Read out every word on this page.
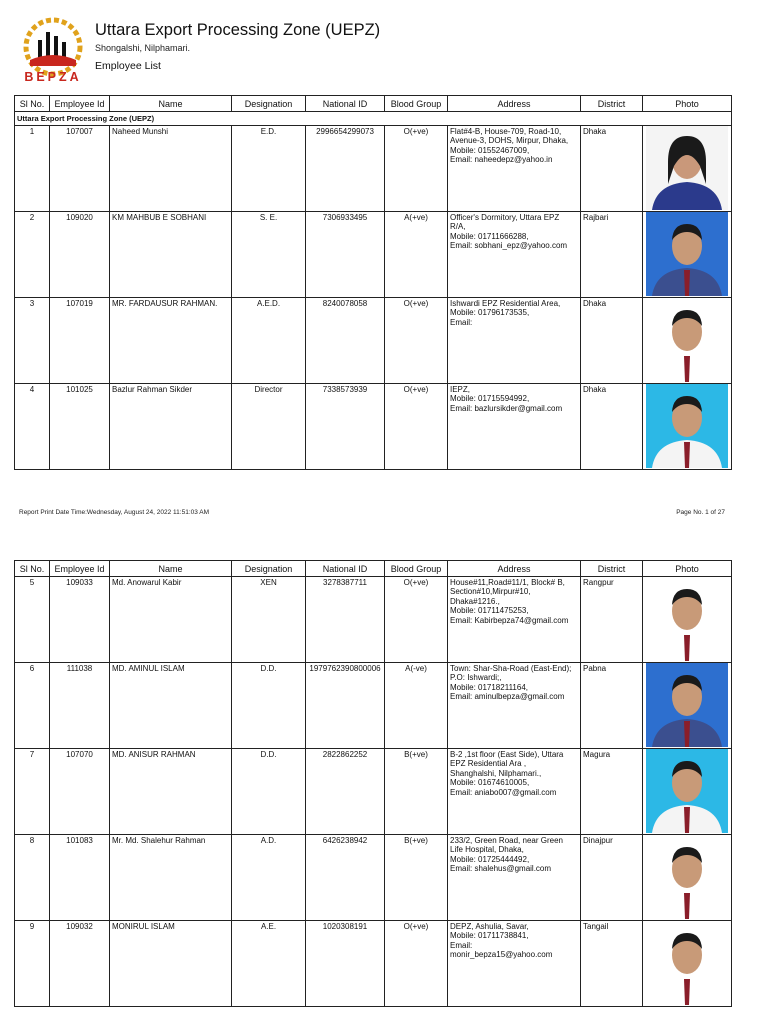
BEPZA
Uttara Export Processing Zone (UEPZ)
Shongalshi, Nilphamari.
Employee List
Sl No.	Employee Id	Name	Designation	National ID	Blood Group	Address	District	Photo
Uttara Export Processing Zone (UEPZ)								
1	107007	Naheed Munshi	E.D.	2996654299073	O(+ve)	Flat#4-B, House-709, Road-10,
Avenue-3, DOHS, Mirpur, Dhaka,
Mobile: 01552467009,
Email: naheedepz@yahoo.in	Dhaka	

2	109020	KM MAHBUB E SOBHANI	S. E.	7306933495	A(+ve)	Officer's Dormitory, Uttara EPZ
R/A,
Mobile: 01711666288,
Email: sobhani_epz@yahoo.com	Rajbari	

3	107019	MR. FARDAUSUR RAHMAN.	A.E.D.	8240078058	O(+ve)	Ishwardi EPZ Residential Area,
Mobile: 01796173535,
Email:	Dhaka	

4	101025	Bazlur Rahman Sikder	Director	7338573939	O(+ve)	IEPZ,
Mobile: 01715594992,
Email: bazlursikder@gmail.com	Dhaka	
Report Print Date Time:Wednesday, August 24, 2022 11:51:03 AM	Page No. 1 of 27
Sl No.	Employee Id	Name	Designation	National ID	Blood Group	Address	District	Photo
5	109033	Md. Anowarul Kabir	XEN	3278387711	O(+ve)	House#11,Road#11/1, Block# B,
Section#10,Mirpur#10,
Dhaka#1216.,
Mobile: 01711475253,
Email: Kabirbepza74@gmail.com	Rangpur	

6	111038	MD. AMINUL ISLAM	D.D.	1979762390800006	A(-ve)	Town: Shar-Sha-Road (East-End);
P.O: Ishwardi;,
Mobile: 01718211164,
Email: aminulbepza@gmail.com	Pabna	

7	107070	MD. ANISUR RAHMAN	D.D.	2822862252	B(+ve)	B-2 ,1st floor (East Side), Uttara
EPZ Residential Ara ,
Shanghalshi, Nilphamari.,
Mobile: 01674610005,
Email: aniabo007@gmail.com	Magura	

8	101083	Mr. Md. Shalehur Rahman	A.D.	6426238942	B(+ve)	233/2, Green Road, near Green
Life Hospital, Dhaka,
Mobile: 01725444492,
Email: shalehus@gmail.com	Dinajpur	

9	109032	MONIRUL ISLAM	A.E.	1020308191	O(+ve)	DEPZ, Ashulia, Savar,
Mobile: 01711738841,
Email:
monir_bepza15@yahoo.com	Tangail	
